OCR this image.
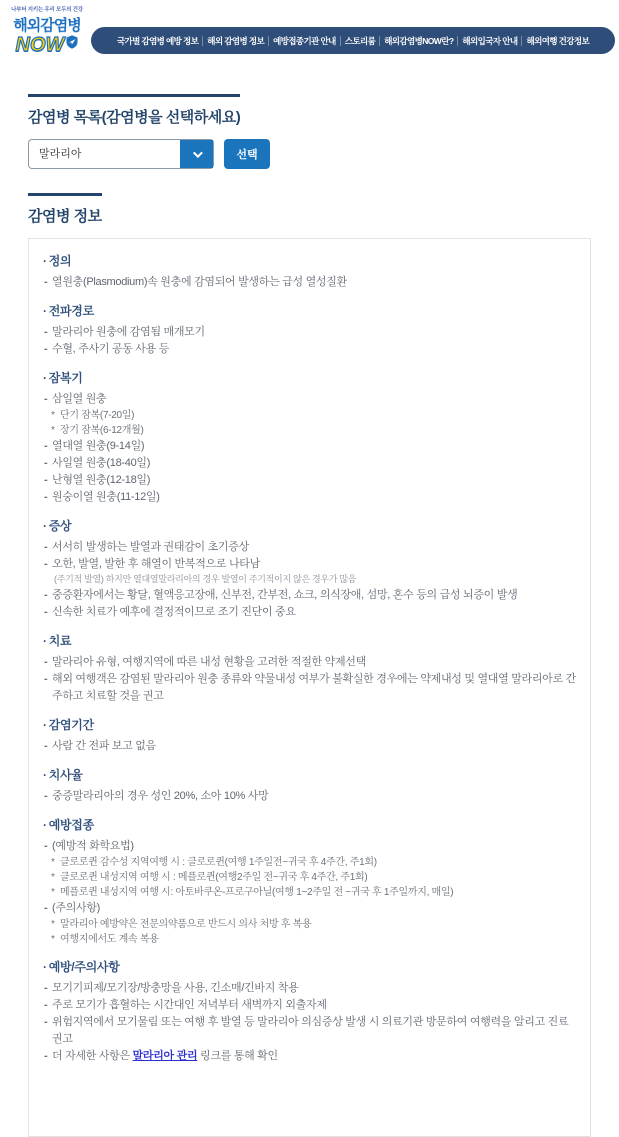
나부터 지키는 우리 모두의 건강
해외감염병
NOW	국가별 감염병 예방 정보	해외 감염병 정보	예방접종기관 안내	스토리룸	해외감염병NOW란?	해외입국자 안내	해외여행 건강정보
감염병 목록(감염병을 선택하세요)
말라리아	선택
감염병 정보
· 정의
- 열원충(Plasmodium)속 원충에 감염되어 발생하는 급성 열성질환
· 전파경로
- 말라리아 원충에 감염됨 매개모기
- 수혈, 주사기 공동 사용 등
· 잠복기
- 삼일열 원충
* 단기 잠복(7-20일)
* 장기 잠복(6-12개월)
- 열대열 원충(9-14일)
- 사일열 원충(18-40일)
- 난형열 원충(12-18일)
- 원숭이열 원충(11-12일)
· 증상
- 서서히 발생하는 발열과 권태감이 초기증상
- 오한, 발열, 발한 후 해열이 반복적으로 나타남
(주기적 발열) 하지만 열대열말라리아의 경우 발열이 주기적이지 않은 경우가 많음
- 중증환자에서는 황달, 혈액응고장애, 신부전, 간부전, 쇼크, 의식장애, 섬망, 혼수 등의 급성 뇌증이 발생
- 신속한 치료가 예후에 결정적이므로 조기 진단이 중요
· 치료
- 말라리아 유형, 여행지역에 따른 내성 현황을 고려한 적절한 약제선택
- 해외 여행객은 감염된 말라리아 원충 종류와 약물내성 여부가 불확실한 경우에는 약제내성 및 열대열 말라리아로 간주하고 치료할 것을 권고
· 감염기간
- 사람 간 전파 보고 없음
· 치사율
- 중증말라리아의 경우 성인 20%, 소아 10% 사망
· 예방접종
- (예방적 화학요법)
* 클로로퀸 감수성 지역여행 시 : 클로로퀸(여행 1주일전~귀국 후 4주간, 주1회)
* 클로로퀸 내성지역 여행 시 : 메플로퀸(여행2주일 전~귀국 후 4주간, 주1회)
* 메플로퀸 내성지역 여행 시: 아토바쿠온-프로구아닐(여행 1~2주일 전 ~귀국 후 1주일까지, 매일)
- (주의사항)
* 말라리아 예방약은 전문의약품으로 반드시 의사 처방 후 복용
* 여행지에서도 계속 복용
· 예방/주의사항
- 모기기피제/모기장/방충망을 사용, 긴소매/긴바지 착용
- 주로 모기가 흡혈하는 시간대인 저녁부터 새벽까지 외출자제
- 위험지역에서 모기물림 또는 여행 후 발열 등 말라리아 의심증상 발생 시 의료기관 방문하여 여행력을 알리고 진료 권고
- 더 자세한 사항은 말라리아 관리 링크를 통해 확인
